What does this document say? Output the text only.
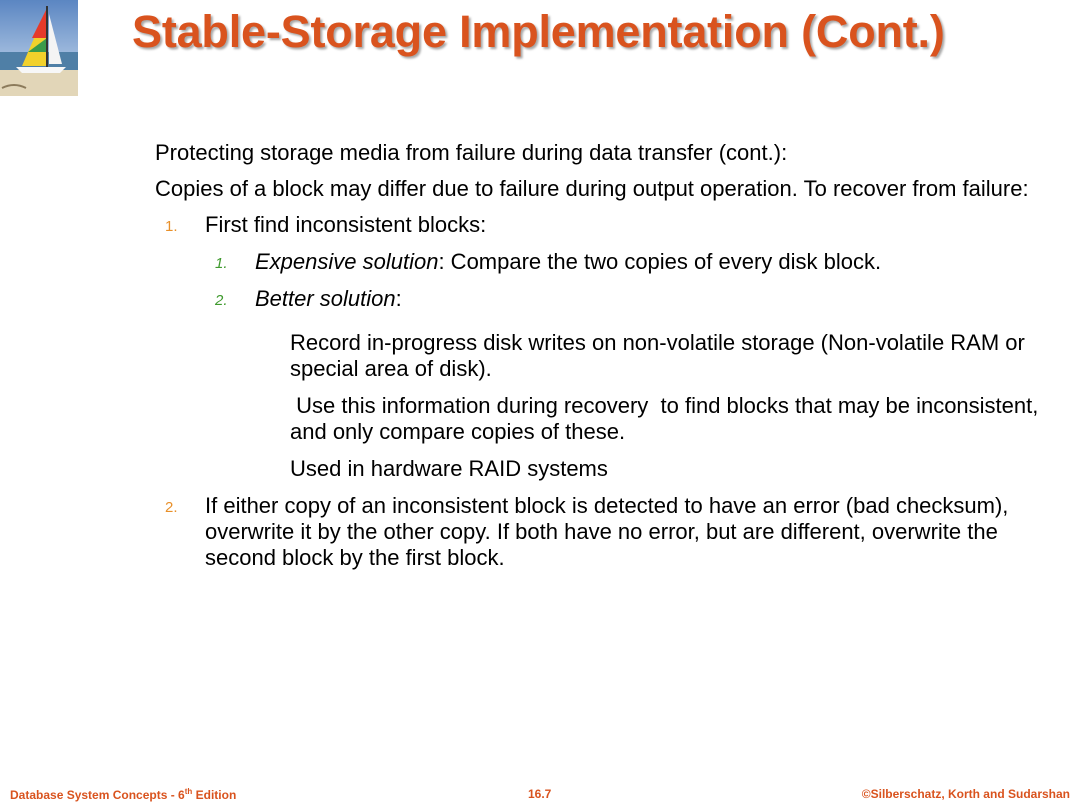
Stable-Storage Implementation (Cont.)

Protecting storage media from failure during data transfer (cont.):

Copies of a block may differ due to failure during output operation. To recover from failure:

1. First find inconsistent blocks:
1. Expensive solution: Compare the two copies of every disk block.
2. Better solution:
Record in-progress disk writes on non-volatile storage (Non-volatile RAM or special area of disk).
Use this information during recovery  to find blocks that may be inconsistent, and only compare copies of these.
Used in hardware RAID systems
2. If either copy of an inconsistent block is detected to have an error (bad checksum), overwrite it by the other copy. If both have no error, but are different, overwrite the second block by the first block.
Database System Concepts - 6th Edition	16.7	©Silberschatz, Korth and Sudarshan
